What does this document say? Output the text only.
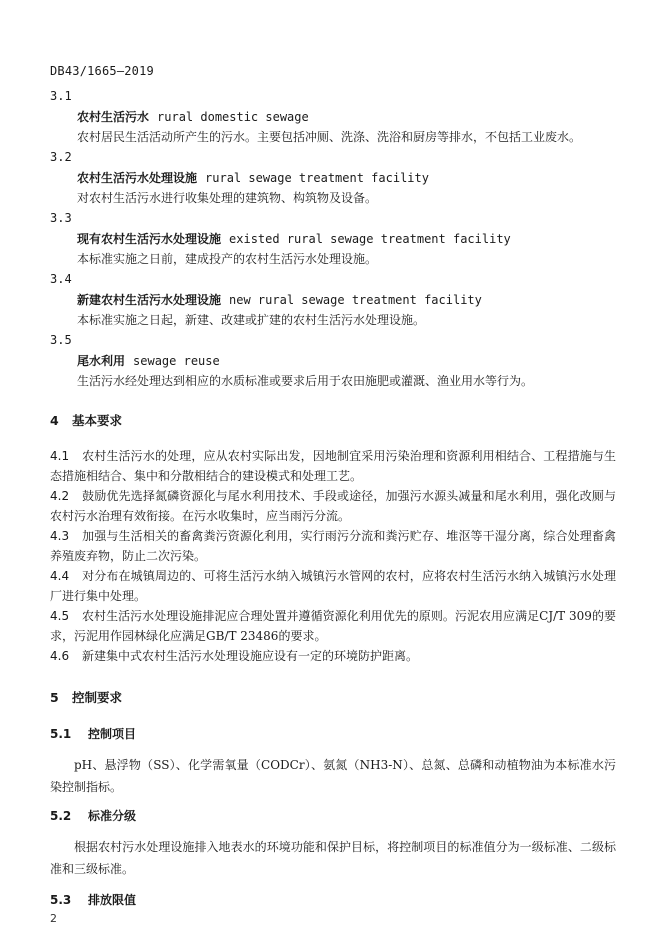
DB43/1665—2019
3.1
农村生活污水 rural domestic sewage
农村居民生活活动所产生的污水。主要包括冲厕、洗涤、洗浴和厨房等排水，不包括工业废水。
3.2
农村生活污水处理设施 rural sewage treatment facility
对农村生活污水进行收集处理的建筑物、构筑物及设备。
3.3
现有农村生活污水处理设施 existed rural sewage treatment facility
本标准实施之日前，建成投产的农村生活污水处理设施。
3.4
新建农村生活污水处理设施 new rural sewage treatment facility
本标准实施之日起，新建、改建或扩建的农村生活污水处理设施。
3.5
尾水利用 sewage reuse
生活污水经处理达到相应的水质标准或要求后用于农田施肥或灌溉、渔业用水等行为。
4 基本要求

4.1 农村生活污水的处理，应从农村实际出发，因地制宜采用污染治理和资源利用相结合、工程措施与生态措施相结合、集中和分散相结合的建设模式和处理工艺。

4.2 鼓励优先选择氮磷资源化与尾水利用技术、手段或途径，加强污水源头减量和尾水利用，强化改厕与农村污水治理有效衔接。在污水收集时，应当雨污分流。

4.3 加强与生活相关的畜禽粪污资源化利用，实行雨污分流和粪污贮存、堆沤等干湿分离，综合处理畜禽养殖废弃物，防止二次污染。

4.4 对分布在城镇周边的、可将生活污水纳入城镇污水管网的农村，应将农村生活污水纳入城镇污水处理厂进行集中处理。

4.5 农村生活污水处理设施排泥应合理处置并遵循资源化利用优先的原则。污泥农用应满足CJ/T 309的要求，污泥用作园林绿化应满足GB/T 23486的要求。

4.6 新建集中式农村生活污水处理设施应设有一定的环境防护距离。

5 控制要求
5.1 控制项目

pH、悬浮物（SS）、化学需氧量（CODCr）、氨氮（NH3-N）、总氮、总磷和动植物油为本标准水污染控制指标。

5.2 标准分级

根据农村污水处理设施排入地表水的环境功能和保护目标，将控制项目的标准值分为一级标准、二级标准和三级标准。

5.3 排放限值
2
